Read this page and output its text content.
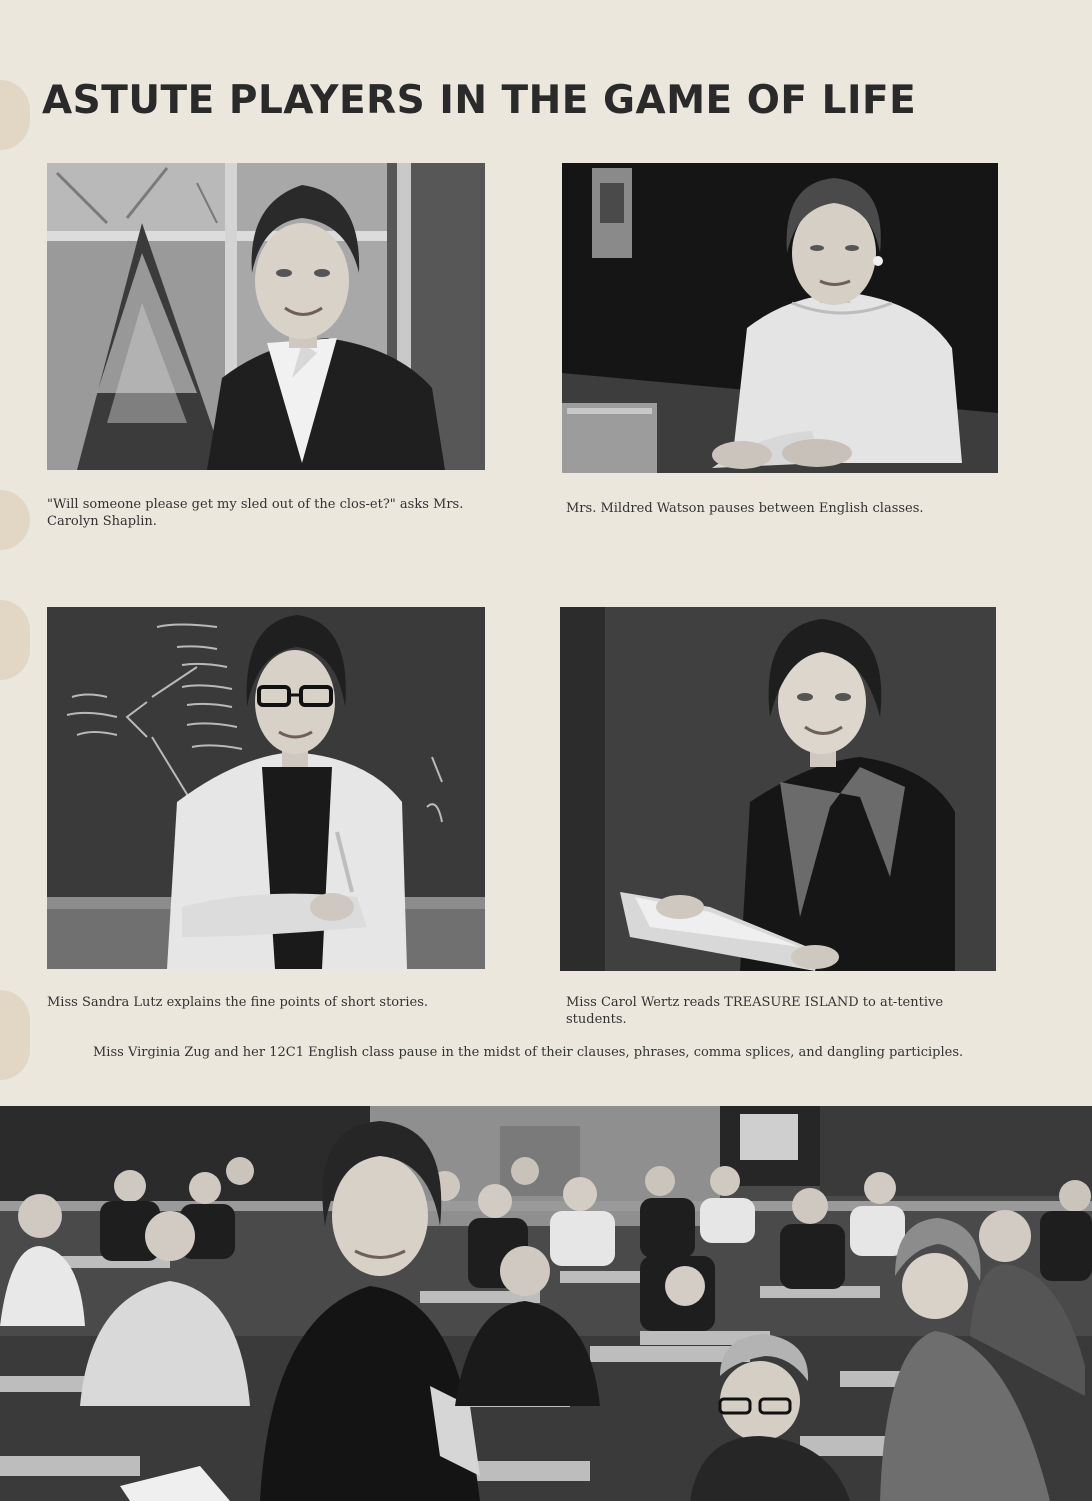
ASTUTE PLAYERS IN THE GAME OF LIFE

"Will someone please get my sled out of the clos-et?" asks Mrs. Carolyn Shaplin.

Mrs. Mildred Watson pauses between English classes.

Miss Sandra Lutz explains the fine points of short stories.	Miss Carol Wertz reads TREASURE ISLAND to at-tentive students.

Miss Virginia Zug and her 12C1 English class pause in the midst of their clauses, phrases, comma splices, and dangling participles.
